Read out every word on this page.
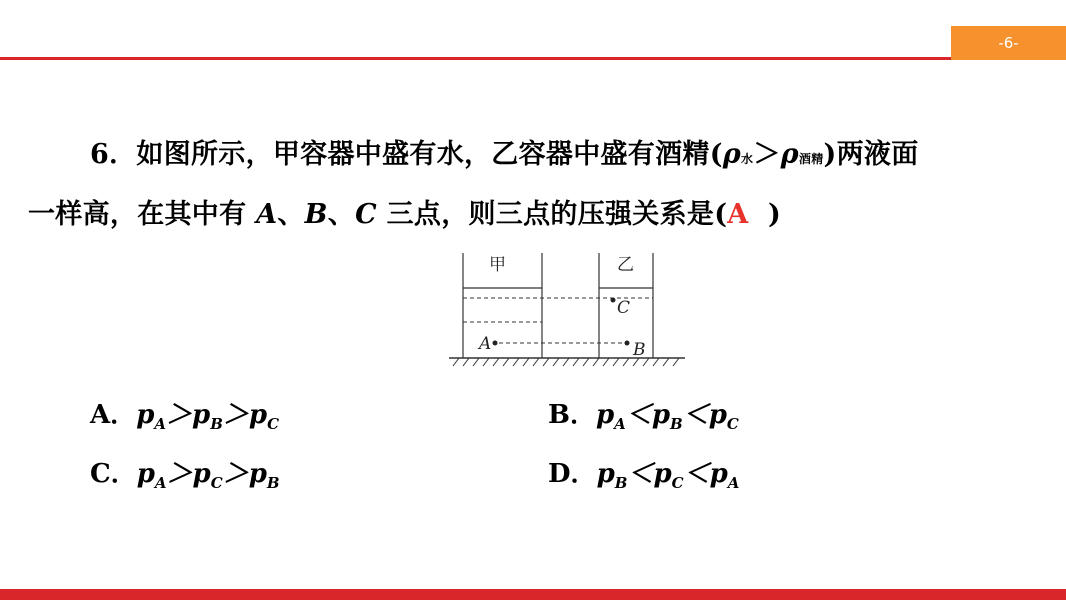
-6-
6．如图所示，甲容器中盛有水，乙容器中盛有酒精(ρ水＞ρ酒精)两液面
一样高，在其中有 A、B、C 三点，则三点的压强关系是(A )
甲	乙
A	B
C
A．$p_A>p_B>p_C$	B．$p_A<p_B<p_C$
C．$p_A>p_C>p_B$	D．$p_B<p_C<p_A$
